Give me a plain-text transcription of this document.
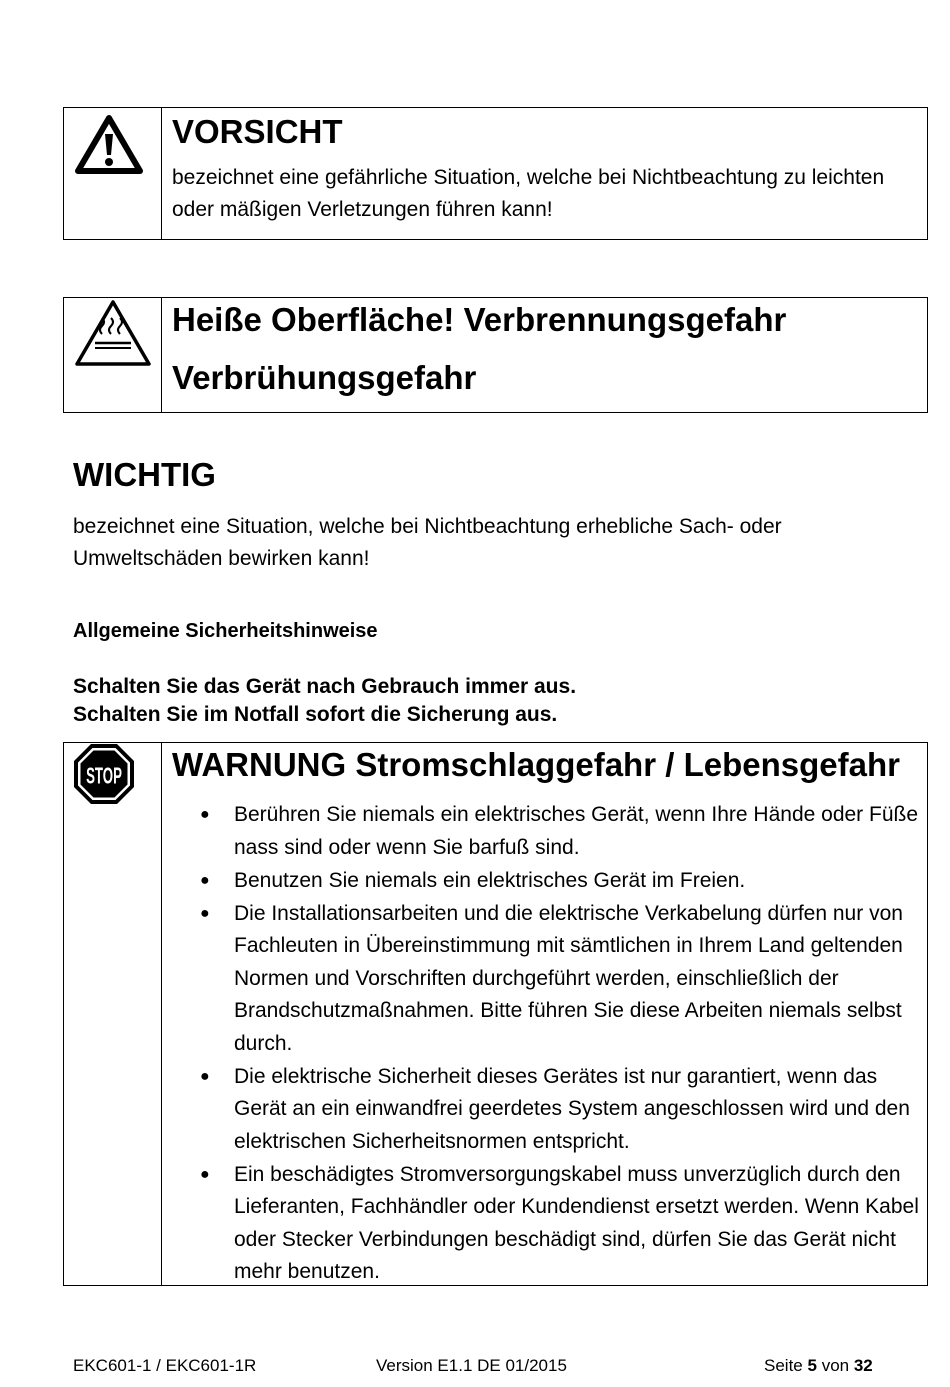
VORSICHT

bezeichnet eine gefährliche Situation, welche bei Nichtbeachtung zu leichten oder mäßigen Verletzungen führen kann!

Heiße Oberfläche! Verbrennungsgefahr
Verbrühungsgefahr
WICHTIG

bezeichnet eine Situation, welche bei Nichtbeachtung erhebliche Sach- oder Umweltschäden bewirken kann!

Allgemeine Sicherheitshinweise

Schalten Sie das Gerät nach Gebrauch immer aus.
Schalten Sie im Notfall sofort die Sicherung aus.

STOP WARNUNG Stromschlaggefahr / Lebensgefahr
● Berühren Sie niemals ein elektrisches Gerät, wenn Ihre Hände oder Füße nass sind oder wenn Sie barfuß sind.
● Benutzen Sie niemals ein elektrisches Gerät im Freien.
● Die Installationsarbeiten und die elektrische Verkabelung dürfen nur von Fachleuten in Übereinstimmung mit sämtlichen in Ihrem Land geltenden Normen und Vorschriften durchgeführt werden, einschließlich der Brandschutzmaßnahmen. Bitte führen Sie diese Arbeiten niemals selbst durch.
● Die elektrische Sicherheit dieses Gerätes ist nur garantiert, wenn das Gerät an ein einwandfrei geerdetes System angeschlossen wird und den elektrischen Sicherheitsnormen entspricht.
● Ein beschädigtes Stromversorgungskabel muss unverzüglich durch den Lieferanten, Fachhändler oder Kundendienst ersetzt werden. Wenn Kabel oder Stecker Verbindungen beschädigt sind, dürfen Sie das Gerät nicht mehr benutzen.

EKC601-1 / EKC601-1R	Version E1.1 DE 01/2015	Seite 5 von 32
